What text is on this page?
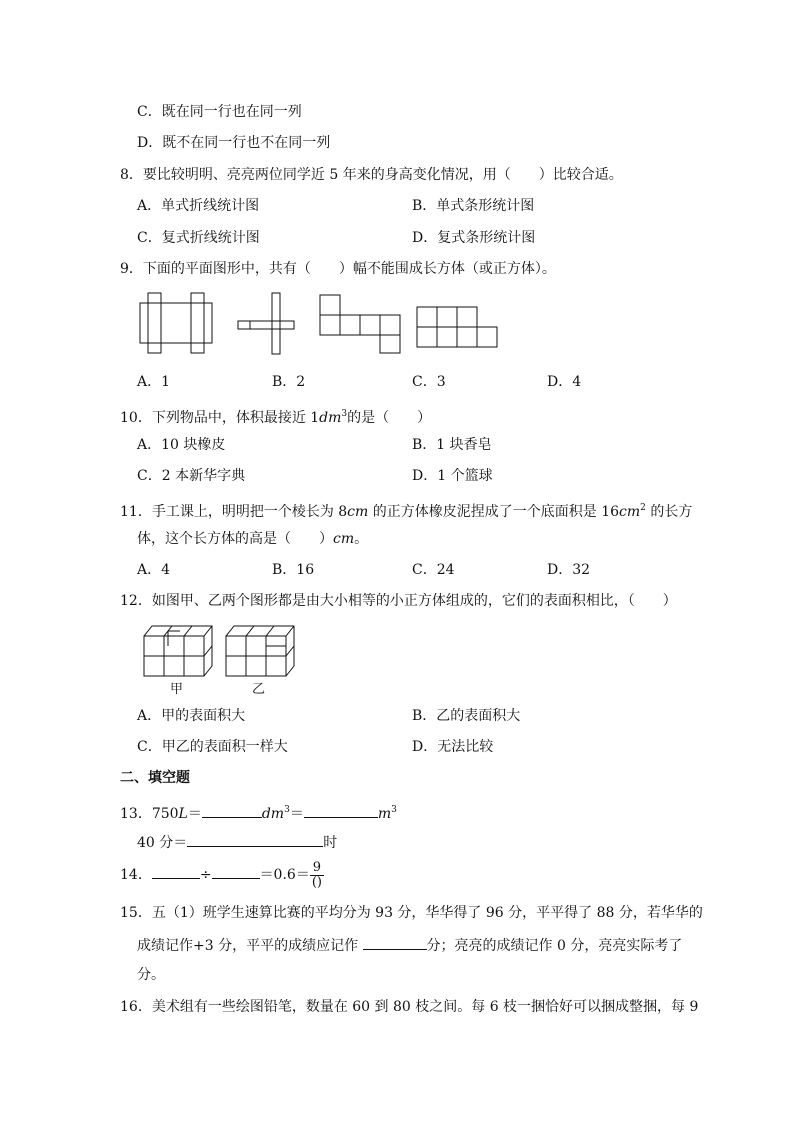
C．既在同一行也在同一列
D．既不在同一行也不在同一列
8．要比较明明、亮亮两位同学近 5 年来的身高变化情况，用（　　）比较合适。
A．单式折线统计图	B．单式条形统计图
C．复式折线统计图	D．复式条形统计图
9．下面的平面图形中，共有（　　）幅不能围成长方体（或正方体）。
A．1	B．2	C．3	D．4
10．下列物品中，体积最接近 $1dm^3$的是（　　）
A．10 块橡皮	B．1 块香皂
C．2 本新华字典	D．1 个篮球
11．手工课上，明明把一个棱长为 8cm 的正方体橡皮泥捏成了一个底面积是 $16cm^2$ 的长方
体，这个长方体的高是（　　）cm。
A．4	B．16	C．24	D．32
12．如图甲、乙两个图形都是由大小相等的小正方体组成的，它们的表面积相比，（　　）
甲	乙
A．甲的表面积大	B．乙的表面积大
C．甲乙的表面积一样大	D．无法比较
二、填空题
13．750L＝	$dm^3=$	$m^3$
40 分＝	时
14．	÷	$=0.6= \frac{9}{()}$
15．五（1）班学生速算比赛的平均分为 93 分，华华得了 96 分，平平得了 88 分，若华华的
成绩记作+3 分，平平的成绩应记作	分；亮亮的成绩记作 0 分，亮亮实际考了
分。
16．美术组有一些绘图铅笔，数量在 60 到 80 枝之间。每 6 枝一捆恰好可以捆成整捆，每 9
